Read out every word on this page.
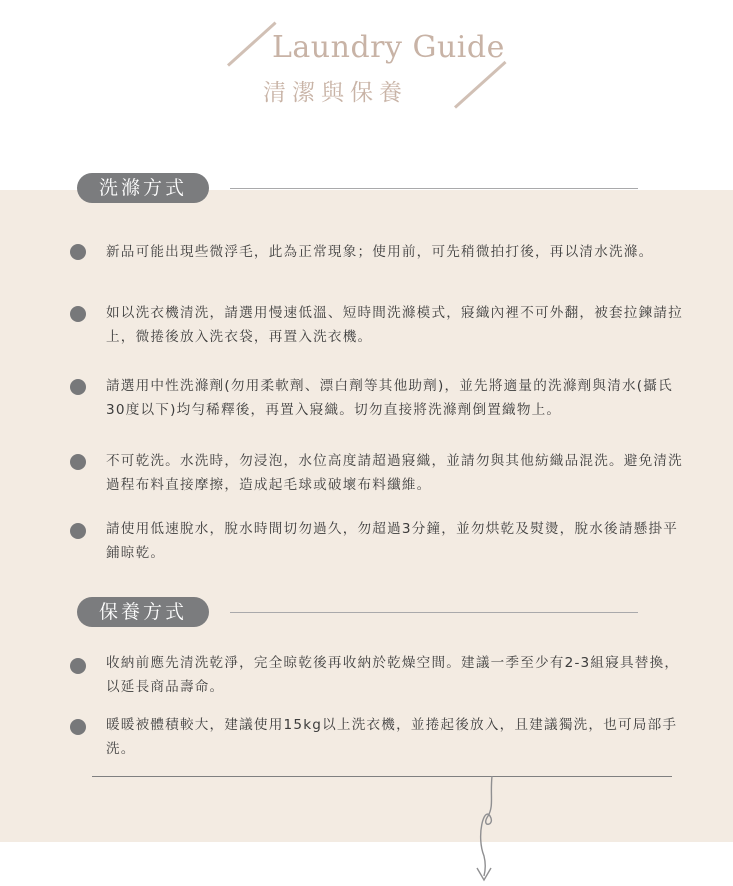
Laundry Guide
清潔與保養
洗滌方式
新品可能出現些微浮毛，此為正常現象；使用前，可先稍微拍打後，再以清水洗滌。
如以洗衣機清洗，請選用慢速低溫、短時間洗滌模式，寢織內裡不可外翻，被套拉鍊請拉上，微捲後放入洗衣袋，再置入洗衣機。
請選用中性洗滌劑(勿用柔軟劑、漂白劑等其他助劑)，並先將適量的洗滌劑與清水(攝氏30度以下)均勻稀釋後，再置入寢織。切勿直接將洗滌劑倒置織物上。
不可乾洗。水洗時，勿浸泡，水位高度請超過寢織，並請勿與其他紡織品混洗。避免清洗過程布料直接摩擦，造成起毛球或破壞布料纖維。
請使用低速脫水，脫水時間切勿過久，勿超過3分鐘，並勿烘乾及熨燙，脫水後請懸掛平鋪晾乾。
保養方式
收納前應先清洗乾淨，完全晾乾後再收納於乾燥空間。建議一季至少有2-3組寢具替換，以延長商品壽命。
暖暖被體積較大，建議使用15kg以上洗衣機，並捲起後放入，且建議獨洗，也可局部手洗。
